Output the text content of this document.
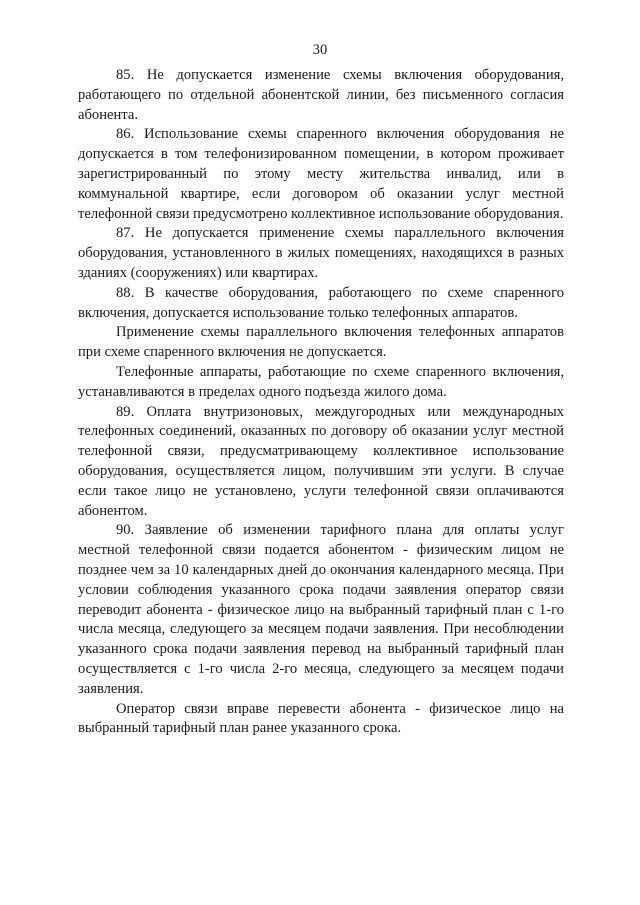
30

85. Не допускается изменение схемы включения оборудования, работающего по отдельной абонентской линии, без письменного согласия абонента.

86. Использование схемы спаренного включения оборудования не допускается в том телефонизированном помещении, в котором проживает зарегистрированный по этому месту жительства инвалид, или в коммунальной квартире, если договором об оказании услуг местной телефонной связи предусмотрено коллективное использование оборудования.

87. Не допускается применение схемы параллельного включения оборудования, установленного в жилых помещениях, находящихся в разных зданиях (сооружениях) или квартирах.

88. В качестве оборудования, работающего по схеме спаренного включения, допускается использование только телефонных аппаратов.

Применение схемы параллельного включения телефонных аппаратов при схеме спаренного включения не допускается.

Телефонные аппараты, работающие по схеме спаренного включения, устанавливаются в пределах одного подъезда жилого дома.

89. Оплата внутризоновых, междугородных или международных телефонных соединений, оказанных по договору об оказании услуг местной телефонной связи, предусматривающему коллективное использование оборудования, осуществляется лицом, получившим эти услуги. В случае если такое лицо не установлено, услуги телефонной связи оплачиваются абонентом.

90. Заявление об изменении тарифного плана для оплаты услуг местной телефонной связи подается абонентом - физическим лицом не позднее чем за 10 календарных дней до окончания календарного месяца. При условии соблюдения указанного срока подачи заявления оператор связи переводит абонента - физическое лицо на выбранный тарифный план с 1-го числа месяца, следующего за месяцем подачи заявления. При несоблюдении указанного срока подачи заявления перевод на выбранный тарифный план осуществляется с 1-го числа 2-го месяца, следующего за месяцем подачи заявления.

Оператор связи вправе перевести абонента - физическое лицо на выбранный тарифный план ранее указанного срока.
